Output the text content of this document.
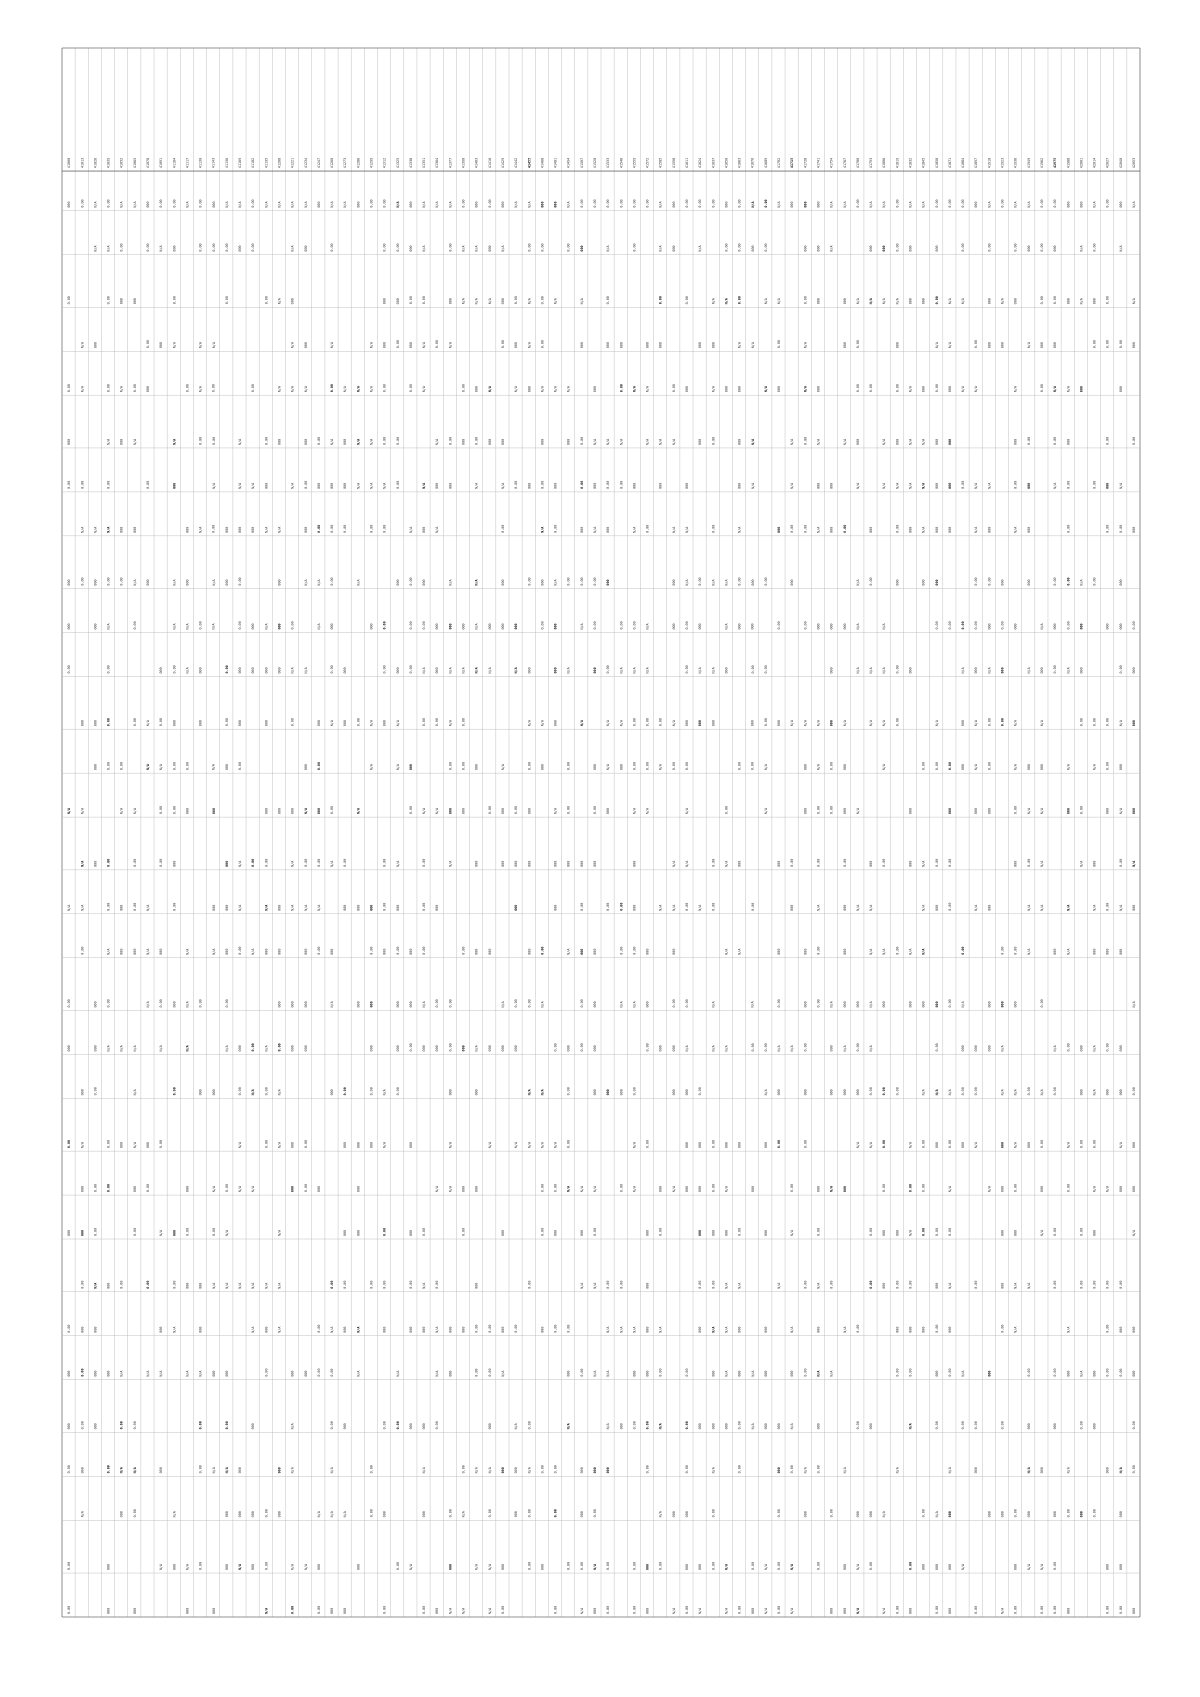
41000
000
0.00
0.00
000
0.00
000
000
0.00
N/A
N/A
0.00
000
0.00
000
0.00
000
000
0.00
0.00
0.00
41013
0.00
N/A
N/A
0.00
N/A
0.00
000
N/A
N/A
N/A
0.00
000
N/A
000
000
0.00
000
0.00
0.00
000
N/A
41026
N/A
N/A
000
N/A
000
000
000
000
000
000
000
0.00
0.00
0.00
N/A
000
000
000
41039
0.00
N/A
0.00
0.00
N/A
0.00
N/A
0.00
N/A
0.00
0.00
0.00
0.00
0.00
N/A
0.00
N/A
0.00
0.00
000
000
0.00
000
000
41052
N/A
0.00
000
N/A
000
000
0.00
0.00
N/A
000
000
N/A
000
0.00
N/A
0.00
N/A
000
41065
N/A
000
0.00
N/A
000
N/A
0.00
0.00
N/A
0.00
0.00
000
N/A
N/A
N/A
000
0.00
0.00
N/A
0.00
000
41078
000
0.00
0.00
000
0.00
000
N/A
N/A
N/A
N/A
N/A
000
0.00
0.00
N/A
41091
0.00
N/A
000
000
0.00
N/A
0.00
0.00
000
0.00
N/A
0.00
N/A
000
N/A
000
N/A
41104
0.00
000
0.00
N/A
N/A
000
N/A
N/A
0.00
000
0.00
0.00
000
0.00
000
0.00
000
0.00
N/A
N/A
000
41117
N/A
0.00
000
000
N/A
N/A
0.00
000
N/A
N/A
N/A
000
0.00
000
N/A
N/A
000
41130
0.00
0.00
N/A
N/A
0.00
N/A
0.00
000
000
0.00
000
000
000
N/A
0.00
0.00
0.00
41143
000
0.00
N/A
0.00
0.00
N/A
0.00
N/A
N/A
N/A
000
000
N/A
000
N/A
0.00
N/A
000
N/A
000
41156
N/A
0.00
0.00
000
000
0.00
0.00
000
000
000
000
0.00
N/A
0.00
N/A
N/A
000
0.00
N/A
000
000
41169
N/A
000
N/A
N/A
000
0.00
0.00
000
000
0.00
N/A
N/A
0.00
000
0.00
N/A
N/A
N/A
000
000
N/A
41182
0.00
0.00
0.00
N/A
000
000
000
0.00
N/A
0.00
N/A
N/A
N/A
N/A
000
000
000
41195
N/A
0.00
0.00
000
N/A
N/A
000
000
000
0.00
N/A
000
N/A
0.00
0.00
N/A
000
0.00
0.00
0.00
N/A
41208
N/A
N/A
N/A
000
N/A
000
000
000
000
000
000
000
0.00
N/A
N/A
N/A
N/A
N/A
000
000
41221
N/A
N/A
000
N/A
N/A
N/A
0.00
N/A
0.00
000
N/A
N/A
000
000
000
000
000
N/A
N/A
N/A
0.00
41234
N/A
000
000
N/A
000
0.00
000
N/A
N/A
000
N/A
0.00
N/A
000
000
000
0.00
0.00
000
N/A
41247
000
0.00
000
0.00
N/A
N/A
000
0.00
000
0.00
N/A
0.00
000
0.00
0.00
N/A
000
0.00
41260
N/A
0.00
N/A
0.00
N/A
000
0.00
0.00
000
0.00
N/A
0.00
N/A
000
N/A
000
0.00
N/A
0.00
0.00
N/A
N/A
000
41273
N/A
N/A
000
000
0.00
000
000
0.00
000
0.00
000
000
0.00
000
000
N/A
000
41286
000
N/A
N/A
N/A
N/A
0.00
N/A
000
000
000
000
000
N/A
N/A
000
41299
0.00
N/A
N/A
N/A
N/A
0.00
000
N/A
N/A
000
0.00
000
000
0.00
000
0.00
0.00
0.00
41312
0.00
0.00
000
000
0.00
0.00
N/A
0.00
0.00
0.00
000
0.00
0.00
000
N/A
N/A
0.00
0.00
000
0.00
000
0.00
41325
N/A
0.00
000
0.00
0.00
0.00
000
000
N/A
N/A
N/A
000
0.00
000
000
0.00
N/A
0.00
0.00
41338
000
000
0.00
000
0.00
N/A
0.00
0.00
0.00
000
0.00
000
000
0.00
000
000
0.00
000
000
N/A
41351
N/A
N/A
0.00
N/A
N/A
N/A
000
000
0.00
N/A
0.00
N/A
0.00
0.00
0.00
N/A
000
0.00
N/A
000
000
N/A
000
0.00
41364
N/A
0.00
N/A
000
N/A
000
000
0.00
N/A
000
0.00
000
N/A
0.00
N/A
N/A
0.00
000
41377
N/A
0.00
000
N/A
0.00
000
N/A
000
N/A
N/A
0.00
000
N/A
0.00
0.00
000
N/A
N/A
000
000
0.00
000
N/A
41390
0.00
N/A
N/A
0.00
000
000
N/A
0.00
0.00
000
0.00
000
000
0.00
000
0.00
N/A
N/A
41403
000
N/A
N/A
000
0.00
N/A
N/A
N/A
N/A
000
000
000
N/A
000
000
000
0.00
0.00
N/A
N/A
41416
0.00
000
N/A
N/A
000
000
N/A
0.00
000
000
N/A
0.00
0.00
000
N/A
0.00
N/A
N/A
41429
000
N/A
000
0.00
000
N/A
0.00
000
000
N/A
000
000
N/A
000
000
000
N/A
000
000
0.00
41442
N/A
0.00
000
N/A
0.00
000
N/A
0.00
000
000
0.00
000
N/A
0.00
N/A
000
000
41455
N/A
0.00
N/A
N/A
000
000
0.00
000
N/A
0.00
000
000
000
0.00
N/A
N/A
0.00
0.00
N/A
0.00
0.00
41468
000
0.00
0.00
0.00
N/A
000
0.00
N/A
000
0.00
N/A
000
0.00
N/A
N/A
N/A
0.00
0.00
000
0.00
000
41481
000
N/A
N/A
000
0.00
N/A
000
000
000
N/A
000
000
0.00
N/A
0.00
000
0.00
0.00
0.00
0.00
41494
N/A
0.00
N/A
000
0.00
N/A
0.00
0.00
000
N/A
000
0.00
0.00
N/A
0.00
000
N/A
0.00
41507
0.00
000
N/A
000
0.00
0.00
000
0.00
N/A
N/A
000
0.00
000
0.00
0.00
N/A
000
N/A
0.00
000
000
0.00
N/A
41520
0.00
000
N/A
000
N/A
0.00
0.00
000
000
0.00
000
000
000
000
000
N/A
0.00
N/A
N/A
000
0.00
N/A
000
41533
0.00
N/A
0.00
000
N/A
0.00
000
000
0.00
N/A
N/A
000
0.00
000
0.00
N/A
N/A
N/A
000
0.00
0.00
41546
0.00
000
0.00
N/A
0.00
0.00
N/A
N/A
000
0.00
0.00
N/A
000
0.00
0.00
N/A
000
41559
0.00
0.00
N/A
000
N/A
0.00
N/A
0.00
0.00
N/A
000
000
0.00
N/A
0.00
N/A
N/A
N/A
000
0.00
0.00
0.00
41572
0.00
000
N/A
N/A
0.00
N/A
N/A
0.00
0.00
N/A
000
000
0.00
0.00
000
000
000
000
0.00
0.00
000
000
41585
N/A
N/A
0.00
000
N/A
000
0.00
N/A
N/A
000
000
0.00
N/A
0.00
N/A
N/A
0.00
41598
000
000
0.00
N/A
N/A
000
000
N/A
0.00
N/A
N/A
000
0.00
000
000
N/A
000
N/A
41611
0.00
0.00
000
000
N/A
N/A
0.00
0.00
000
0.00
N/A
N/A
0.00
0.00
N/A
000
000
000
0.00
0.00
0.00
000
000
0.00
41624
0.00
N/A
000
000
0.00
000
N/A
000
N/A
0.00
000
000
000
0.00
000
000
000
N/A
41637
0.00
N/A
000
N/A
0.00
0.00
N/A
N/A
000
0.00
0.00
N/A
N/A
0.00
0.00
000
0.00
N/A
000
000
N/A
0.00
0.00
41650
000
0.00
N/A
000
N/A
N/A
000
0.00
N/A
N/A
N/A
000
N/A
000
N/A
N/A
N/A
000
N/A
N/A
41663
0.00
0.00
0.00
N/A
000
000
000
N/A
0.00
000
0.00
000
N/A
000
0.00
N/A
000
000
0.00
0.00
0.00
41676
N/A
000
N/A
N/A
N/A
000
000
0.00
000
0.00
0.00
N/A
0.00
000
N/A
N/A
0.00
000
41689
0.00
0.00
N/A
N/A
0.00
0.00
0.00
N/A
N/A
0.00
N/A
000
000
000
000
000
N/A
N/A
41702
N/A
N/A
0.00
000
000
0.00
000
000
000
0.00
N/A
000
0.00
N/A
000
000
0.00
0.00
0.00
41715
000
N/A
N/A
0.00
000
N/A
0.00
000
N/A
0.00
N/A
N/A
000
N/A
0.00
N/A
N/A
41728
000
000
0.00
N/A
N/A
0.00
0.00
0.00
N/A
000
000
000
000
0.00
000
0.00
0.00
0.00
N/A
000
41741
000
000
000
000
N/A
000
N/A
000
N/A
N/A
0.00
0.00
N/A
0.00
0.00
000
0.00
N/A
000
N/A
000
0.00
0.00
41754
N/A
N/A
000
000
000
000
000
0.00
0.00
N/A
000
000
N/A
0.00
N/A
0.00
000
41767
N/A
000
000
N/A
0.00
000
N/A
000
000
0.00
000
000
000
N/A
000
000
N/A
N/A
000
000
41780
0.00
N/A
0.00
0.00
000
N/A
N/A
N/A
N/A
N/A
N/A
000
0.00
000
N/A
0.00
0.00
000
N/A
N/A
41793
N/A
000
N/A
0.00
000
0.00
N/A
N/A
000
N/A
N/A
N/A
N/A
0.00
N/A
0.00
0.00
000
000
0.00
41806
N/A
000
N/A
N/A
N/A
N/A
N/A
N/A
N/A
0.00
N/A
000
0.00
0.00
0.00
000
000
N/A
N/A
41819
0.00
0.00
N/A
000
0.00
000
N/A
0.00
000
0.00
0.00
0.00
0.00
000
0.00
000
0.00
N/A
0.00
41832
N/A
000
000
N/A
N/A
N/A
000
000
000
000
N/A
000
N/A
0.00
N/A
0.00
000
0.00
N/A
0.00
000
41845
N/A
000
000
N/A
N/A
N/A
000
0.00
N/A
N/A
N/A
000
N/A
0.00
0.00
0.00
000
0.00
000
41858
0.00
000
0.00
N/A
0.00
000
000
000
000
0.00
N/A
0.00
0.00
000
000
0.00
N/A
000
0.00
000
0.00
000
0.00
N/A
000
0.00
41871
0.00
N/A
N/A
000
000
000
000
0.00
0.00
000
0.00
0.00
0.00
N/A
0.00
N/A
0.00
N/A
000
0.00
N/A
000
000
000
41884
0.00
0.00
N/A
N/A
0.00
0.00
N/A
000
000
0.00
N/A
000
0.00
000
N/A
0.00
N/A
41897
000
0.00
N/A
N/A
N/A
0.00
0.00
000
N/A
N/A
000
N/A
000
0.00
N/A
0.00
0.00
000
0.00
41910
N/A
0.00
000
000
N/A
000
0.00
000
N/A
0.00
0.00
000
000
000
000
N/A
000
000
41923
0.00
N/A
000
000
0.00
000
0.00
0.00
000
N/A
N/A
000
000
000
000
0.00
0.00
000
N/A
41936
N/A
0.00
000
N/A
000
0.00
N/A
000
N/A
N/A
0.00
000
0.00
000
N/A
N/A
0.00
000
N/A
N/A
0.00
000
0.00
41949
N/A
000
N/A
0.00
000
000
000
N/A
000
N/A
0.00
N/A
N/A
0.00
000
N/A
0.00
000
N/A
000
N/A
41962
0.00
0.00
0.00
000
0.00
N/A
000
N/A
000
N/A
N/A
N/A
0.00
N/A
0.00
000
N/A
000
N/A
0.00
41975
0.00
000
0.00
000
N/A
0.00
N/A
0.00
000
0.00
000
N/A
0.00
0.00
0.00
0.00
000
000
0.00
0.00
41988
000
000
N/A
000
0.00
0.00
0.00
0.00
N/A
N/A
000
N/A
N/A
0.00
N/A
0.00
N/A
000
N/A
0.00
000
42001
000
N/A
N/A
000
N/A
000
000
0.00
0.00
N/A
000
000
0.00
0.00
0.00
N/A
0.00
000
42014
N/A
0.00
000
0.00
0.00
0.00
0.00
N/A
000
N/A
000
N/A
N/A
0.00
N/A
000
0.00
000
000
0.00
42027
0.00
0.00
0.00
0.00
000
0.00
000
0.00
0.00
000
0.00
000
0.00
000
N/A
0.00
0.00
0.00
000
000
0.00
42040
000
N/A
0.00
000
N/A
0.00
000
000
0.00
N/A
000
N/A
0.00
N/A
000
000
000
N/A
000
0.00
000
0.00
N/A
000
000
0.00
42053
N/A
N/A
000
0.00
000
0.00
000
000
000
N/A
000
N/A
0.00
000
000
N/A
000
000
0.00
0.00
000
